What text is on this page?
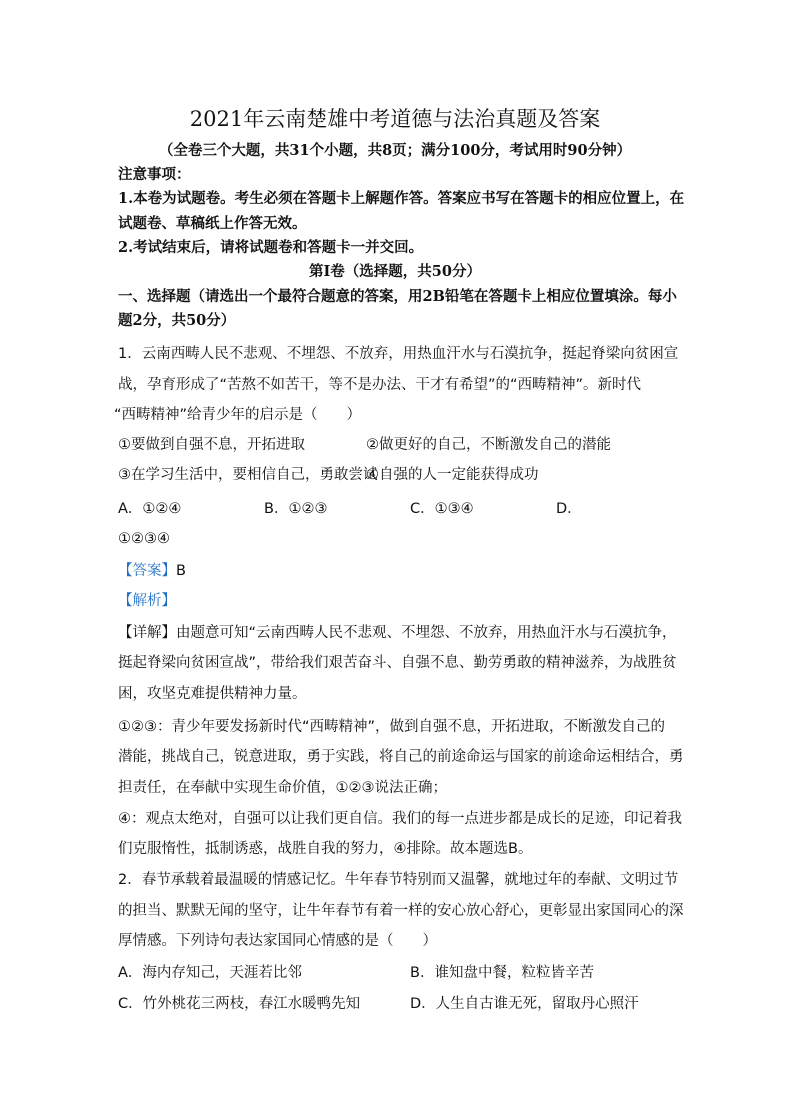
2021年云南楚雄中考道德与法治真题及答案
（全卷三个大题，共31个小题，共8页；满分100分，考试用时90分钟）
注意事项：
1.本卷为试题卷。考生必须在答题卡上解题作答。答案应书写在答题卡的相应位置上，在
试题卷、草稿纸上作答无效。
2.考试结束后，请将试题卷和答题卡一并交回。
第Ⅰ卷（选择题，共50分）
一、选择题（请选出一个最符合题意的答案，用2B铅笔在答题卡上相应位置填涂。每小
题2分，共50分）
1．云南西畴人民不悲观、不埋怨、不放弃，用热血汗水与石漠抗争，挺起脊梁向贫困宣
战，孕育形成了“苦熬不如苦干，等不是办法、干才有希望”的“西畴精神”。新时代
“西畴精神”给青少年的启示是（　　）
①要做到自强不息，开拓进取	②做更好的自己，不断激发自己的潜能
③在学习生活中，要相信自己，勇敢尝试
④自强的人一定能获得成功
A．①②④	B．①②③	C．①③④	D．
①②③④
【答案】B
【解析】
【详解】由题意可知“云南西畴人民不悲观、不埋怨、不放弃，用热血汗水与石漠抗争，
挺起脊梁向贫困宣战”，带给我们艰苦奋斗、自强不息、勤劳勇敢的精神滋养，为战胜贫
困，攻坚克难提供精神力量。
①②③：青少年要发扬新时代“西畴精神”，做到自强不息，开拓进取，不断激发自己的
潜能，挑战自己，锐意进取，勇于实践，将自己的前途命运与国家的前途命运相结合，勇
担责任，在奉献中实现生命价值，①②③说法正确；
④：观点太绝对，自强可以让我们更自信。我们的每一点进步都是成长的足迹，印记着我
们克服惰性，抵制诱惑，战胜自我的努力，④排除。故本题选B。
2．春节承载着最温暖的情感记忆。牛年春节特别而又温馨，就地过年的奉献、文明过节
的担当、默默无闻的坚守，让牛年春节有着一样的安心放心舒心，更彰显出家国同心的深
厚情感。下列诗句表达家国同心情感的是（　　）
A．海内存知己，天涯若比邻	B．谁知盘中餐，粒粒皆辛苦
C．竹外桃花三两枝，春江水暖鸭先知	D．人生自古谁无死，留取丹心照汗
